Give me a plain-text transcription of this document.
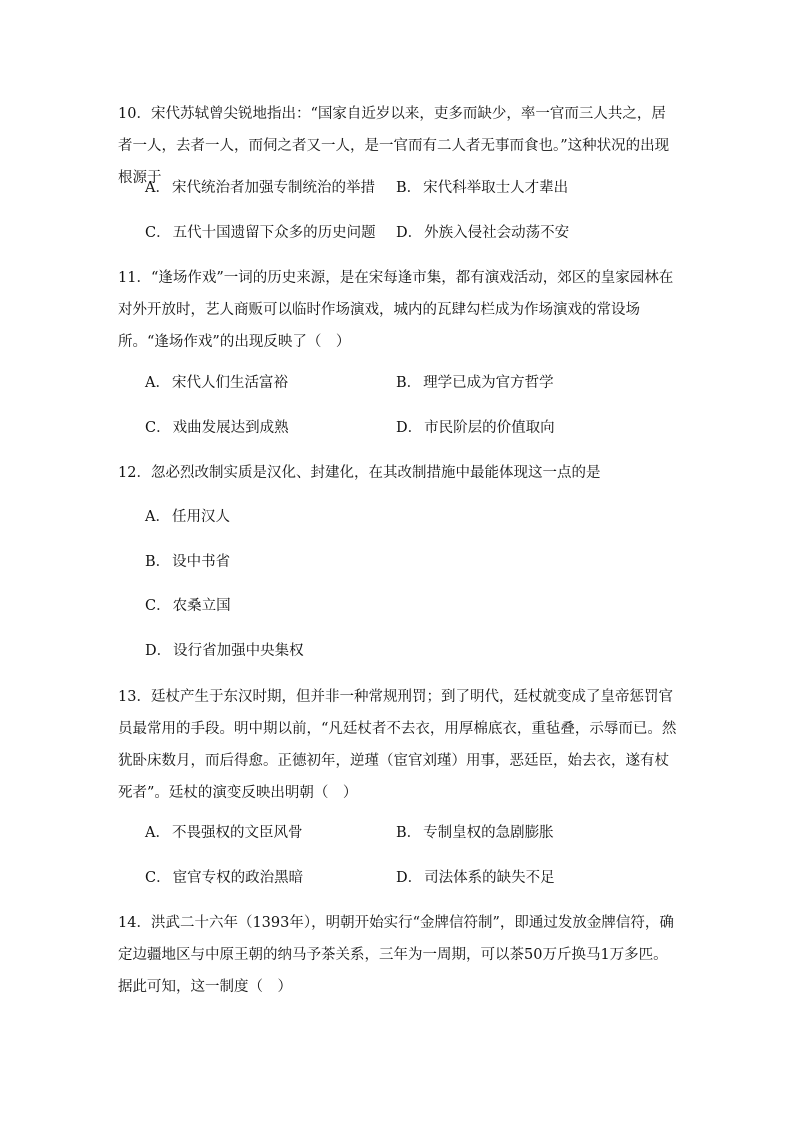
10．宋代苏轼曾尖锐地指出：“国家自近岁以来，吏多而缺少，率一官而三人共之，居者一人，去者一人，而伺之者又一人，是一官而有二人者无事而食也。”这种状况的出现根源于

A． 宋代统治者加强专制统治的举措 B． 宋代科举取士人才辈出
C． 五代十国遗留下众多的历史问题 D． 外族入侵社会动荡不安

11．“逢场作戏”一词的历史来源，是在宋每逢市集，都有演戏活动，郊区的皇家园林在对外开放时，艺人商贩可以临时作场演戏，城内的瓦肆勾栏成为作场演戏的常设场所。“逢场作戏”的出现反映了（　）

A． 宋代人们生活富裕	B． 理学已成为官方哲学
C． 戏曲发展达到成熟	D． 市民阶层的价值取向

12．忽必烈改制实质是汉化、封建化，在其改制措施中最能体现这一点的是

A． 任用汉人
B． 设中书省
C． 农桑立国
D． 设行省加强中央集权

13．廷杖产生于东汉时期，但并非一种常规刑罚；到了明代，廷杖就变成了皇帝惩罚官员最常用的手段。明中期以前，“凡廷杖者不去衣，用厚棉底衣，重毡叠，示辱而已。然犹卧床数月，而后得愈。正德初年，逆瑾（宦官刘瑾）用事，恶廷臣，始去衣，遂有杖死者”。廷杖的演变反映出明朝（　）

A． 不畏强权的文臣风骨	B． 专制皇权的急剧膨胀
C． 宦官专权的政治黑暗	D． 司法体系的缺失不足

14．洪武二十六年（1393年），明朝开始实行“金牌信符制”，即通过发放金牌信符，确定边疆地区与中原王朝的纳马予茶关系，三年为一周期，可以茶50万斤换马1万多匹。据此可知，这一制度（　）
